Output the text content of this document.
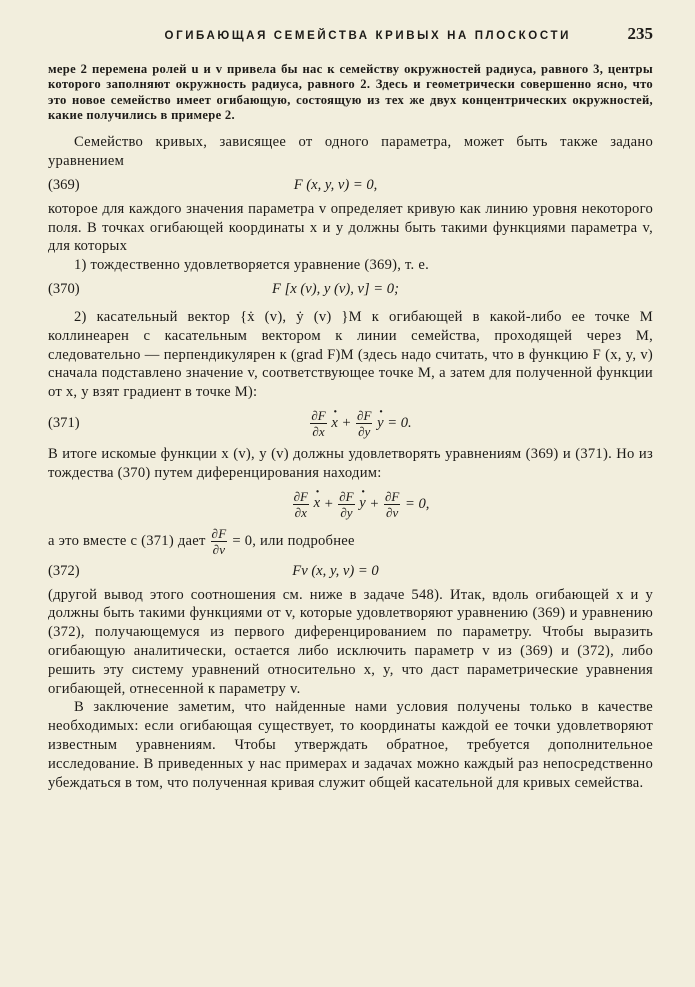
ОГИБАЮЩАЯ СЕМЕЙСТВА КРИВЫХ НА ПЛОСКОСТИ	235
мере 2 перемена ролей u и v привела бы нас к семейству окружностей радиуса, равного 3, центры которого заполняют окружность радиуса, равного 2. Здесь и геометрически совершенно ясно, что это новое семейство имеет огибающую, состоящую из тех же двух концентрических окружностей, какие получились в примере 2.

Семейство кривых, зависящее от одного параметра, может быть также задано уравнением

(369)	F (x, y, v) = 0,

которое для каждого значения параметра v определяет кривую как линию уровня некоторого поля. В точках огибающей координаты x и y должны быть такими функциями параметра v, для которых

1) тождественно удовлетворяется уравнение (369), т. е.

(370)	F [x (v), y (v), v] = 0;

2) касательный вектор {ẋ (v), ẏ (v) }M к огибающей в какой-либо ее точке M коллинеарен с касательным вектором к линии семейства, проходящей через M, следовательно — перпендикулярен к (grad F)M (здесь надо считать, что в функцию F (x, y, v) сначала подставлено значение v, соответствующее точке M, а затем для полученной функции от x, y взят градиент в точке M):

(371)	$\frac{\partial F}{\partial x}$
· $x + \frac{\partial F}{\partial y}$
· y = 0.

В итоге искомые функции x (v), y (v) должны удовлетворять уравнениям (369) и (371). Но из тождества (370) путем диференцирования находим:

$\frac{\partial F}{\partial x}$
· $x + \frac{\partial F}{\partial y}$
· $y + \frac{\partial F}{\partial v} = 0$,

а это вместе с (371) дает $\frac{\partial F}{\partial v} = 0$, или подробнее

(372)	Fv (x, y, v) = 0

(другой вывод этого соотношения см. ниже в задаче 548). Итак, вдоль огибающей x и y должны быть такими функциями от v, которые удовлетворяют уравнению (369) и уравнению (372), получающемуся из первого диференцированием по параметру. Чтобы выразить огибающую аналитически, остается либо исключить параметр v из (369) и (372), либо решить эту систему уравнений относительно x, y, что даст параметрические уравнения огибающей, отнесенной к параметру v.

В заключение заметим, что найденные нами условия получены только в качестве необходимых: если огибающая существует, то координаты каждой ее точки удовлетворяют известным уравнениям. Чтобы утверждать обратное, требуется дополнительное исследование. В приведенных у нас примерах и задачах можно каждый раз непосредственно убеждаться в том, что полученная кривая служит общей касательной для кривых семейства.
